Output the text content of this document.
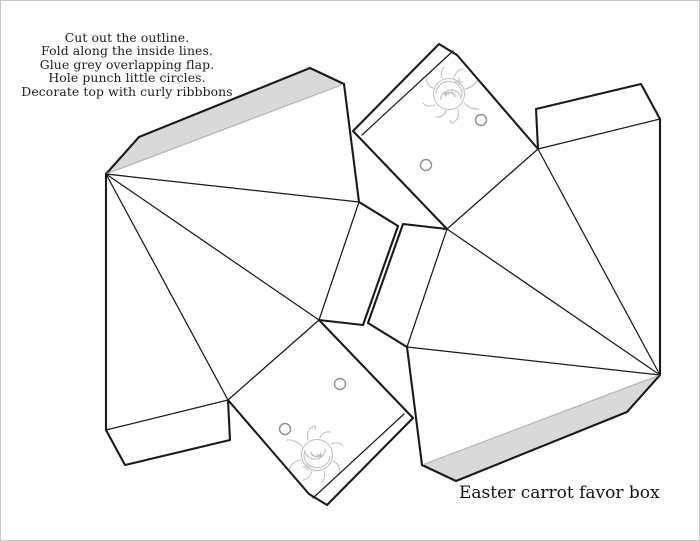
Cut out the outline.
Fold along the inside lines.
Glue grey overlapping flap.
Hole punch little circles.
Decorate top with curly ribbbons
Easter carrot favor box
